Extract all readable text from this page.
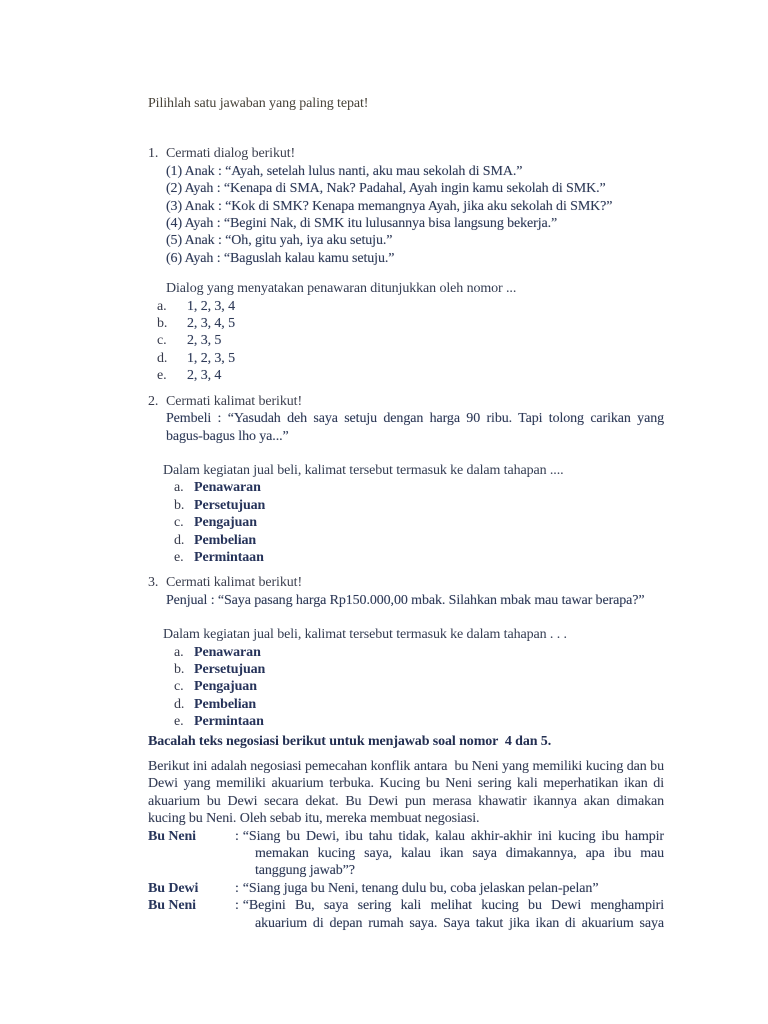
Pilihlah satu jawaban yang paling tepat!

1. Cermati dialog berikut!

(1) Anak : “Ayah, setelah lulus nanti, aku mau sekolah di SMA.”

(2) Ayah : “Kenapa di SMA, Nak? Padahal, Ayah ingin kamu sekolah di SMK.”

(3) Anak : “Kok di SMK? Kenapa memangnya Ayah, jika aku sekolah di SMK?”

(4) Ayah : “Begini Nak, di SMK itu lulusannya bisa langsung bekerja.”

(5) Anak : “Oh, gitu yah, iya aku setuju.”

(6) Ayah : “Baguslah kalau kamu setuju.”

Dialog yang menyatakan penawaran ditunjukkan oleh nomor ...

a.	1, 2, 3, 4
b.	2, 3, 4, 5
c.	2, 3, 5
d.	1, 2, 3, 5
e.	2, 3, 4
2. Cermati kalimat berikut!

Pembeli : “Yasudah deh saya setuju dengan harga 90 ribu. Tapi tolong carikan yang bagus-bagus lho ya...”

Dalam kegiatan jual beli, kalimat tersebut termasuk ke dalam tahapan ....

a. Penawaran
b. Persetujuan
c. Pengajuan
d. Pembelian
e. Permintaan
3. Cermati kalimat berikut!

Penjual : “Saya pasang harga Rp150.000,00 mbak. Silahkan mbak mau tawar berapa?”

Dalam kegiatan jual beli, kalimat tersebut termasuk ke dalam tahapan . . .

a. Penawaran
b. Persetujuan
c. Pengajuan
d. Pembelian
e. Permintaan

Bacalah teks negosiasi berikut untuk menjawab soal nomor  4 dan 5.

Berikut ini adalah negosiasi pemecahan konflik antara  bu Neni yang memiliki kucing dan bu Dewi yang memiliki akuarium terbuka. Kucing bu Neni sering kali meperhatikan ikan di akuarium bu Dewi secara dekat. Bu Dewi pun merasa khawatir ikannya akan dimakan kucing bu Neni. Oleh sebab itu, mereka membuat negosiasi.

Bu Neni	: “Siang bu Dewi, ibu tahu tidak, kalau akhir-akhir ini kucing ibu hampir memakan kucing saya, kalau ikan saya dimakannya, apa ibu mau tanggung jawab”?

Bu Dewi	: “Siang juga bu Neni, tenang dulu bu, coba jelaskan pelan-pelan”

Bu Neni	: “Begini Bu, saya sering kali melihat kucing bu Dewi menghampiri akuarium di depan rumah saya. Saya takut jika ikan di akuarium saya
